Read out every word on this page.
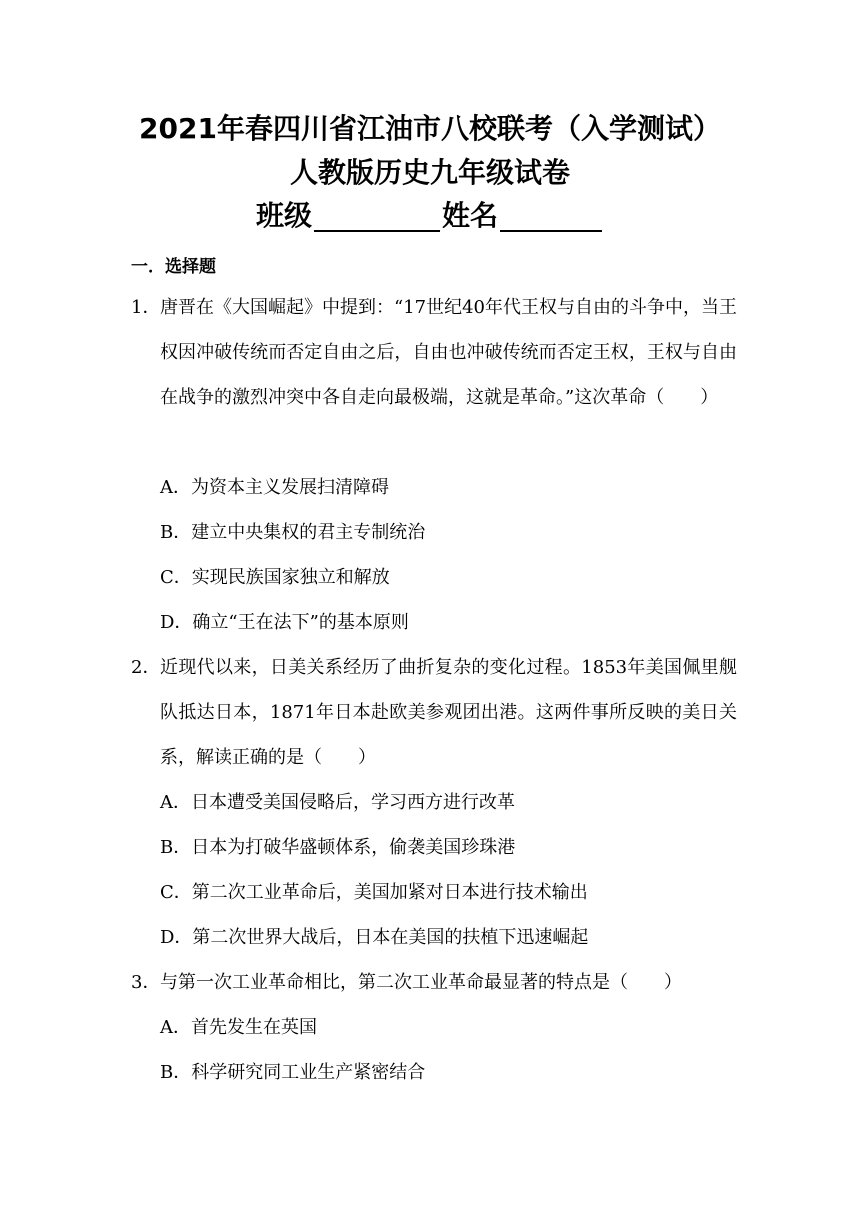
2021年春四川省江油市八校联考（入学测试）
人教版历史九年级试卷
班级	姓名
一．选择题
1． 唐晋在《大国崛起》中提到：“17世纪40年代王权与自由的斗争中，当王权因冲破传统而否定自由之后，自由也冲破传统而否定王权，王权与自由在战争的激烈冲突中各自走向最极端，这就是革命。”这次革命（　　）
A．为资本主义发展扫清障碍
B．建立中央集权的君主专制统治
C．实现民族国家独立和解放
D．确立“王在法下”的基本原则
2． 近现代以来，日美关系经历了曲折复杂的变化过程。1853年美国佩里舰队抵达日本，1871年日本赴欧美参观团出港。这两件事所反映的美日关系，解读正确的是（　　）
A．日本遭受美国侵略后，学习西方进行改革
B．日本为打破华盛顿体系，偷袭美国珍珠港
C．第二次工业革命后，美国加紧对日本进行技术输出
D．第二次世界大战后，日本在美国的扶植下迅速崛起
3． 与第一次工业革命相比，第二次工业革命最显著的特点是（　　）
A．首先发生在英国
B．科学研究同工业生产紧密结合
